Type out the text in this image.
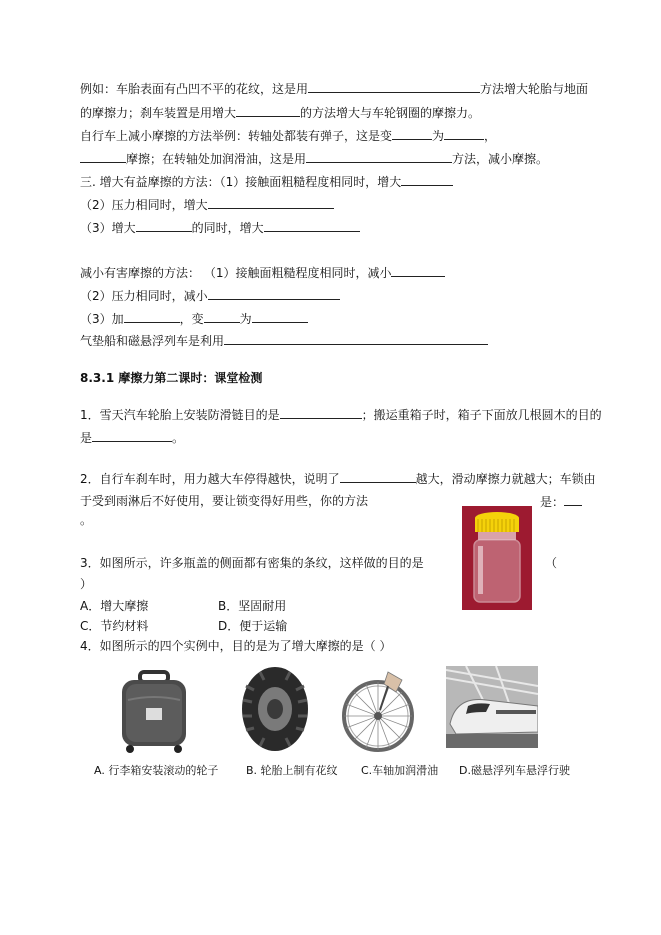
例如：车胎表面有凸凹不平的花纹，这是用	方法增大轮胎与地面
的摩擦力；刹车装置是用增大	的方法增大与车轮钢圈的摩擦力。
自行车上减小摩擦的方法举例：转轴处都装有弹子，这是变	为	，
摩擦；在转轴处加润滑油，这是用	方法，减小摩擦。
三. 增大有益摩擦的方法：（1）接触面粗糙程度相同时，增大
（2）压力相同时，增大
（3）增大	的同时，增大
减小有害摩擦的方法： （1）接触面粗糙程度相同时，减小
（2）压力相同时，减小
（3）加	，变	为
气垫船和磁悬浮列车是利用
8.3.1 摩擦力第二课时：课堂检测
1．雪天汽车轮胎上安装防滑链目的是	；搬运重箱子时，箱子下面放几根圆木的目的
是	。
2．自行车刹车时，用力越大车停得越快，说明了	越大，滑动摩擦力就越大；车锁由
于受到雨淋后不好使用，要让锁变得好用些，你的方法	是：
。
3．如图所示，许多瓶盖的侧面都有密集的条纹，这样做的目的是	（
）
A．增大摩擦	B．坚固耐用
C．节约材料	D．便于运输
4．如图所示的四个实例中，目的是为了增大摩擦的是（ ）
A. 行李箱安装滚动的轮子	B. 轮胎上制有花纹 C.车轴加润滑油 D.磁悬浮列车悬浮行驶
